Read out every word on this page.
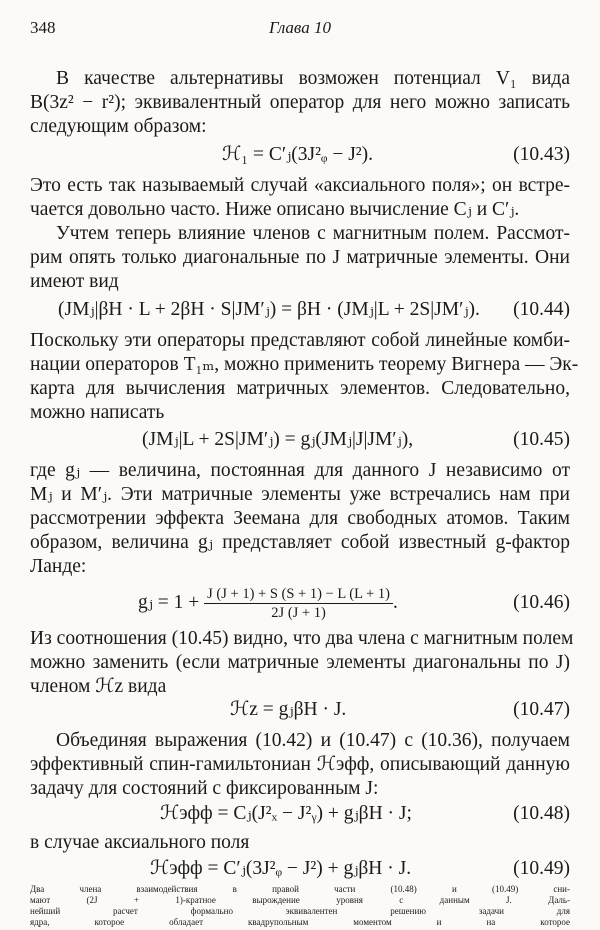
348	Глава 10
В качестве альтернативы возможен потенциал V₁ вида
B(3z² − r²); эквивалентный оператор для него можно записать
следующим образом:
ℋ₁ = C′ⱼ(3J²ᵩ − J²).	(10.43)
Это есть так называемый случай «аксиального поля»; он встре-
чается довольно часто. Ниже описано вычисление Cⱼ и C′ⱼ.
Учтем теперь влияние членов с магнитным полем. Рассмот-
рим опять только диагональные по J матричные элементы. Они
имеют вид
(JMⱼ|βH · L + 2βH · S|JM′ⱼ) = βH · (JMⱼ|L + 2S|JM′ⱼ). (10.44)
Поскольку эти операторы представляют собой линейные комби-
нации операторов T₁ₘ, можно применить теорему Вигнера — Эк-
карта для вычисления матричных элементов. Следовательно,
можно написать
(JMⱼ|L + 2S|JM′ⱼ) = gⱼ(JMⱼ|J|JM′ⱼ),	(10.45)
где gⱼ — величина, постоянная для данного J независимо от
Mⱼ и M′ⱼ. Эти матричные элементы уже встречались нам при
рассмотрении эффекта Зеемана для свободных атомов. Таким
образом, величина gⱼ представляет собой известный g-фактор
Ланде:
gⱼ = $1 + \frac{J (J + 1) + S (S + 1) - L (L + 1)}{2J (J + 1)}$ .	(10.46)
Из соотношения (10.45) видно, что два члена с магнитным полем
можно заменить (если матричные элементы диагональны по J)
членом ℋᴢ вида
ℋᴢ = gⱼβH · J.	(10.47)
Объединяя выражения (10.42) и (10.47) с (10.36), получаем
эффективный спин-гамильтониан ℋэфф, описывающий данную
задачу для состояний с фиксированным J:
ℋэфф = Cⱼ(J²ₓ − J²ᵧ) + gⱼβH · J;	(10.48)
в случае аксиального поля
ℋэфф = C′ⱼ(3J²ᵩ − J²) + gⱼβH · J.	(10.49)
Два члена взаимодействия в правой части (10.48) и (10.49) сни-
мают (2J + 1)-кратное вырождение уровня с данным J. Даль-
нейший расчет формально эквивалентен решению задачи для
ядра, которое обладает квадрупольным моментом и на которое
действуют неоднородное электрическое поле и постоянное маг-
нитное поле. Мы не будем здесь приводить деталей этого рас-
чета.
Пока не определены еще коэффициенты Cⱼ и C′ⱼ; проиллю-
